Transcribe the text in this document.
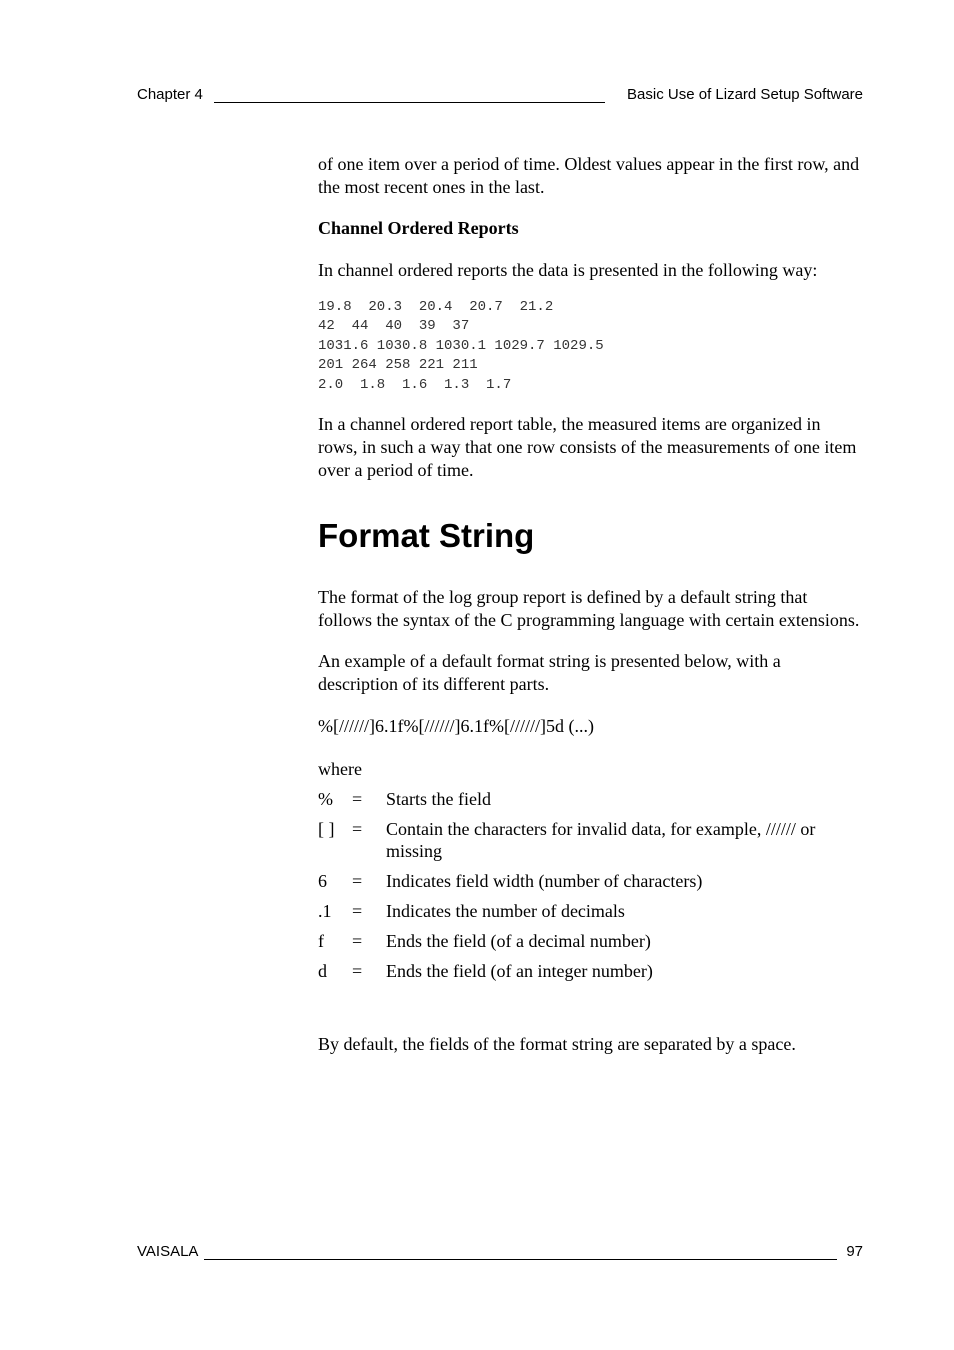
Chapter 4	Basic Use of Lizard Setup Software

of one item over a period of time. Oldest values appear in the first row, and the most recent ones in the last.

Channel Ordered Reports

In channel ordered reports the data is presented in the following way:

19.8  20.3  20.4  20.7  21.2
42  44  40  39  37
1031.6 1030.8 1030.1 1029.7 1029.5
201 264 258 221 211
2.0  1.8  1.6  1.3  1.7

In a channel ordered report table, the measured items are organized in rows, in such a way that one row consists of the measurements of one item over a period of time.

Format String

The format of the log group report is defined by a default string that follows the syntax of the C programming language with certain extensions.

An example of a default format string is presented below, with a description of its different parts.

%[//////]6.1f%[//////]6.1f%[//////]5d (...)

where

%	=	Starts the field
[ ]	=	Contain the characters for invalid data, for example, ////// or missing
6	=	Indicates field width (number of characters)
.1	=	Indicates the number of decimals
f	=	Ends the field (of a decimal number)
d	=	Ends the field (of an integer number)

By default, the fields of the format string are separated by a space.

VAISALA	97
